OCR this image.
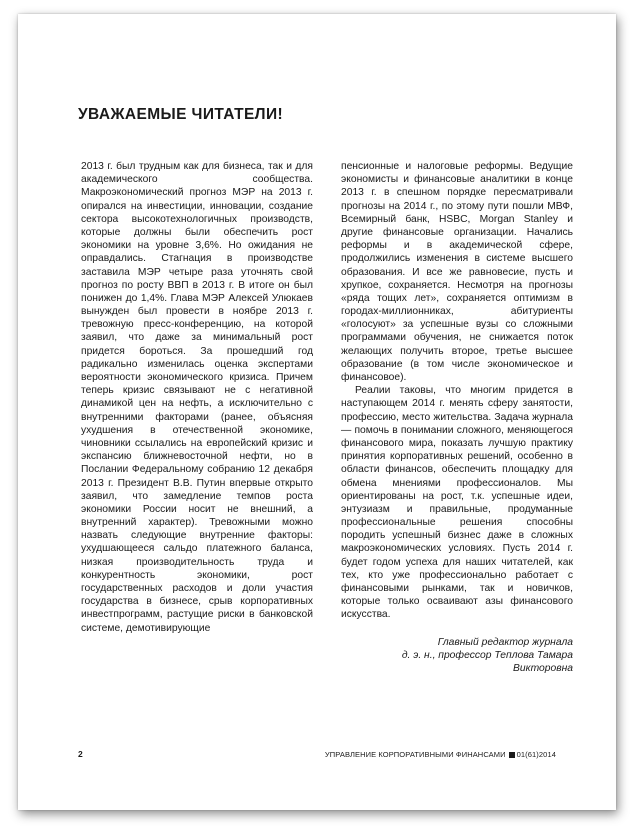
УВАЖАЕМЫЕ ЧИТАТЕЛИ!

2013 г. был трудным как для бизнеса, так и для академического сообщества. Макроэкономический прогноз МЭР на 2013 г. опирался на инвестиции, инновации, создание сектора высокотехнологичных производств, которые должны были обеспечить рост экономики на уровне 3,6%. Но ожидания не оправдались. Стагнация в производстве заставила МЭР четыре раза уточнять свой прогноз по росту ВВП в 2013 г. В итоге он был понижен до 1,4%. Глава МЭР Алексей Улюкаев вынужден был провести в ноябре 2013 г. тревожную пресс-конференцию, на которой заявил, что даже за минимальный рост придется бороться. За прошедший год радикально изменилась оценка экспертами вероятности экономического кризиса. Причем теперь кризис связывают не с негативной динамикой цен на нефть, а исключительно с внутренними факторами (ранее, объясняя ухудшения в отечественной экономике, чиновники ссылались на европейский кризис и экспансию ближневосточной нефти, но в Послании Федеральному собранию 12 декабря 2013 г. Президент В.В. Путин впервые открыто заявил, что замедление темпов роста экономики России носит не внешний, а внутренний характер). Тревожными можно назвать следующие внутренние факторы: ухудшающееся сальдо платежного баланса, низкая производительность труда и конкурентность экономики, рост государственных расходов и доли участия государства в бизнесе, срыв корпоративных инвестпрограмм, растущие риски в банковской системе, демотивирующие

пенсионные и налоговые реформы. Ведущие экономисты и финансовые аналитики в конце 2013 г. в спешном порядке пересматривали прогнозы на 2014 г., по этому пути пошли МВФ, Всемирный банк, HSBC, Morgan Stanley и другие финансовые организации. Начались реформы и в академической сфере, продолжились изменения в системе высшего образования. И все же равновесие, пусть и хрупкое, сохраняется. Несмотря на прогнозы «ряда тощих лет», сохраняется оптимизм в городах-миллионниках, абитуриенты «голосуют» за успешные вузы со сложными программами обучения, не снижается поток желающих получить второе, третье высшее образование (в том числе экономическое и финансовое).

Реалии таковы, что многим придется в наступающем 2014 г. менять сферу занятости, профессию, место жительства. Задача журнала — помочь в понимании сложного, меняющегося финансового мира, показать лучшую практику принятия корпоративных решений, особенно в области финансов, обеспечить площадку для обмена мнениями профессионалов. Мы ориентированы на рост, т.к. успешные идеи, энтузиазм и правильные, продуманные профессиональные решения способны породить успешный бизнес даже в сложных макроэкономических условиях. Пусть 2014 г. будет годом успеха для наших читателей, как тех, кто уже профессионально работает с финансовыми рынками, так и новичков, которые только осваивают азы финансового искусства.

Главный редактор журнала
д. э. н., профессор Теплова Тамара Викторовна

2	УПРАВЛЕНИЕ КОРПОРАТИВНЫМИ ФИНАНСАМИ 01(61)2014
